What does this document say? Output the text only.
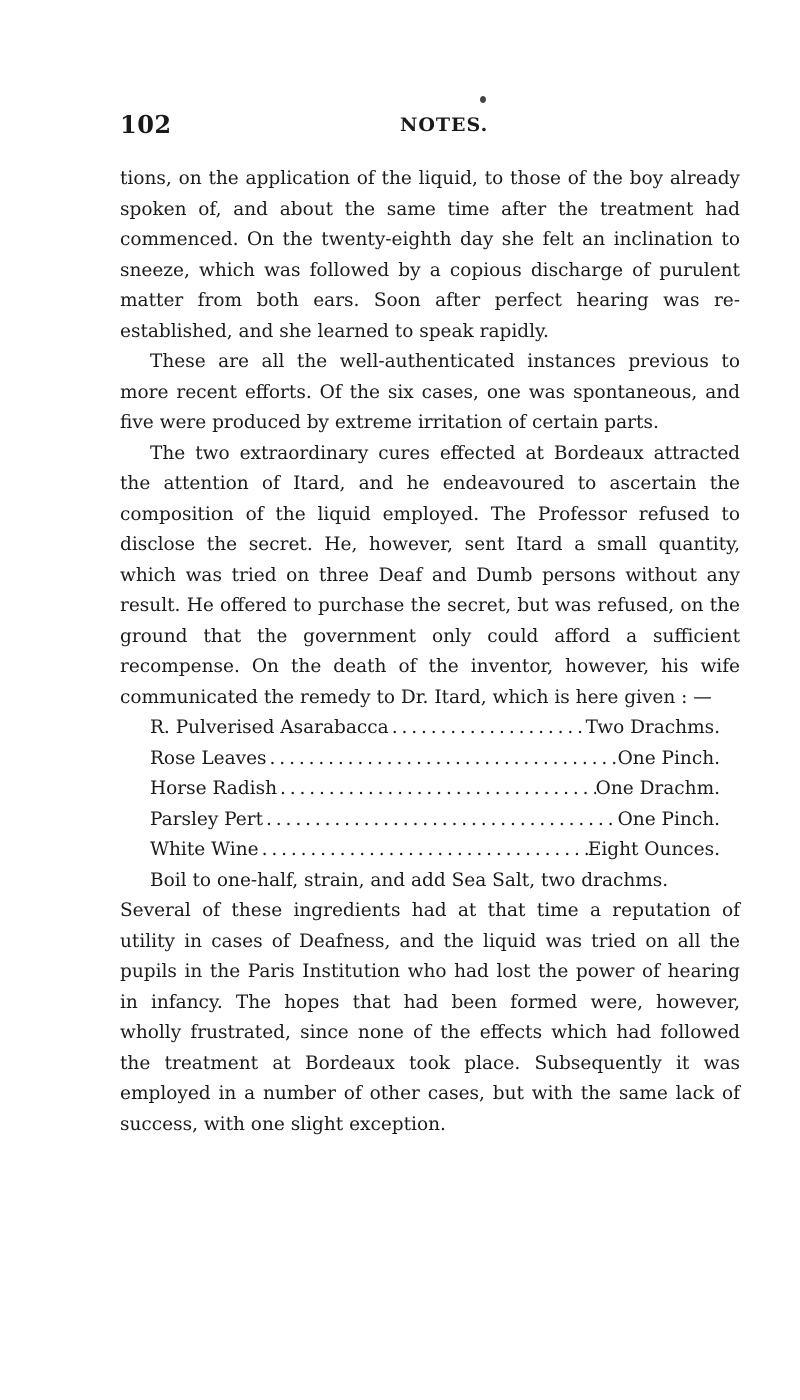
102	NOTES.

tions, on the application of the liquid, to those of the boy already spoken of, and about the same time after the treatment had commenced. On the twenty-eighth day she felt an inclination to sneeze, which was followed by a copious discharge of purulent matter from both ears. Soon after perfect hearing was re-established, and she learned to speak rapidly.

These are all the well-authenticated instances previous to more recent efforts. Of the six cases, one was spontaneous, and five were produced by extreme irritation of certain parts.

The two extraordinary cures effected at Bordeaux attracted the attention of Itard, and he endeavoured to ascertain the composition of the liquid employed. The Professor refused to disclose the secret. He, however, sent Itard a small quantity, which was tried on three Deaf and Dumb persons without any result. He offered to purchase the secret, but was refused, on the ground that the government only could afford a sufficient recompense. On the death of the inventor, however, his wife communicated the remedy to Dr. Itard, which is here given : —

R. Pulverised Asarabacca . . .	Two Drachms.
Rose Leaves . . .	One Pinch.
Horse Radish . . .	One Drachm.
Parsley Pert . . .	One Pinch.
White Wine . . .	Eight Ounces.

Boil to one-half, strain, and add Sea Salt, two drachms.

Several of these ingredients had at that time a reputation of utility in cases of Deafness, and the liquid was tried on all the pupils in the Paris Institution who had lost the power of hearing in infancy. The hopes that had been formed were, however, wholly frustrated, since none of the effects which had followed the treatment at Bordeaux took place. Subsequently it was employed in a number of other cases, but with the same lack of success, with one slight exception.
